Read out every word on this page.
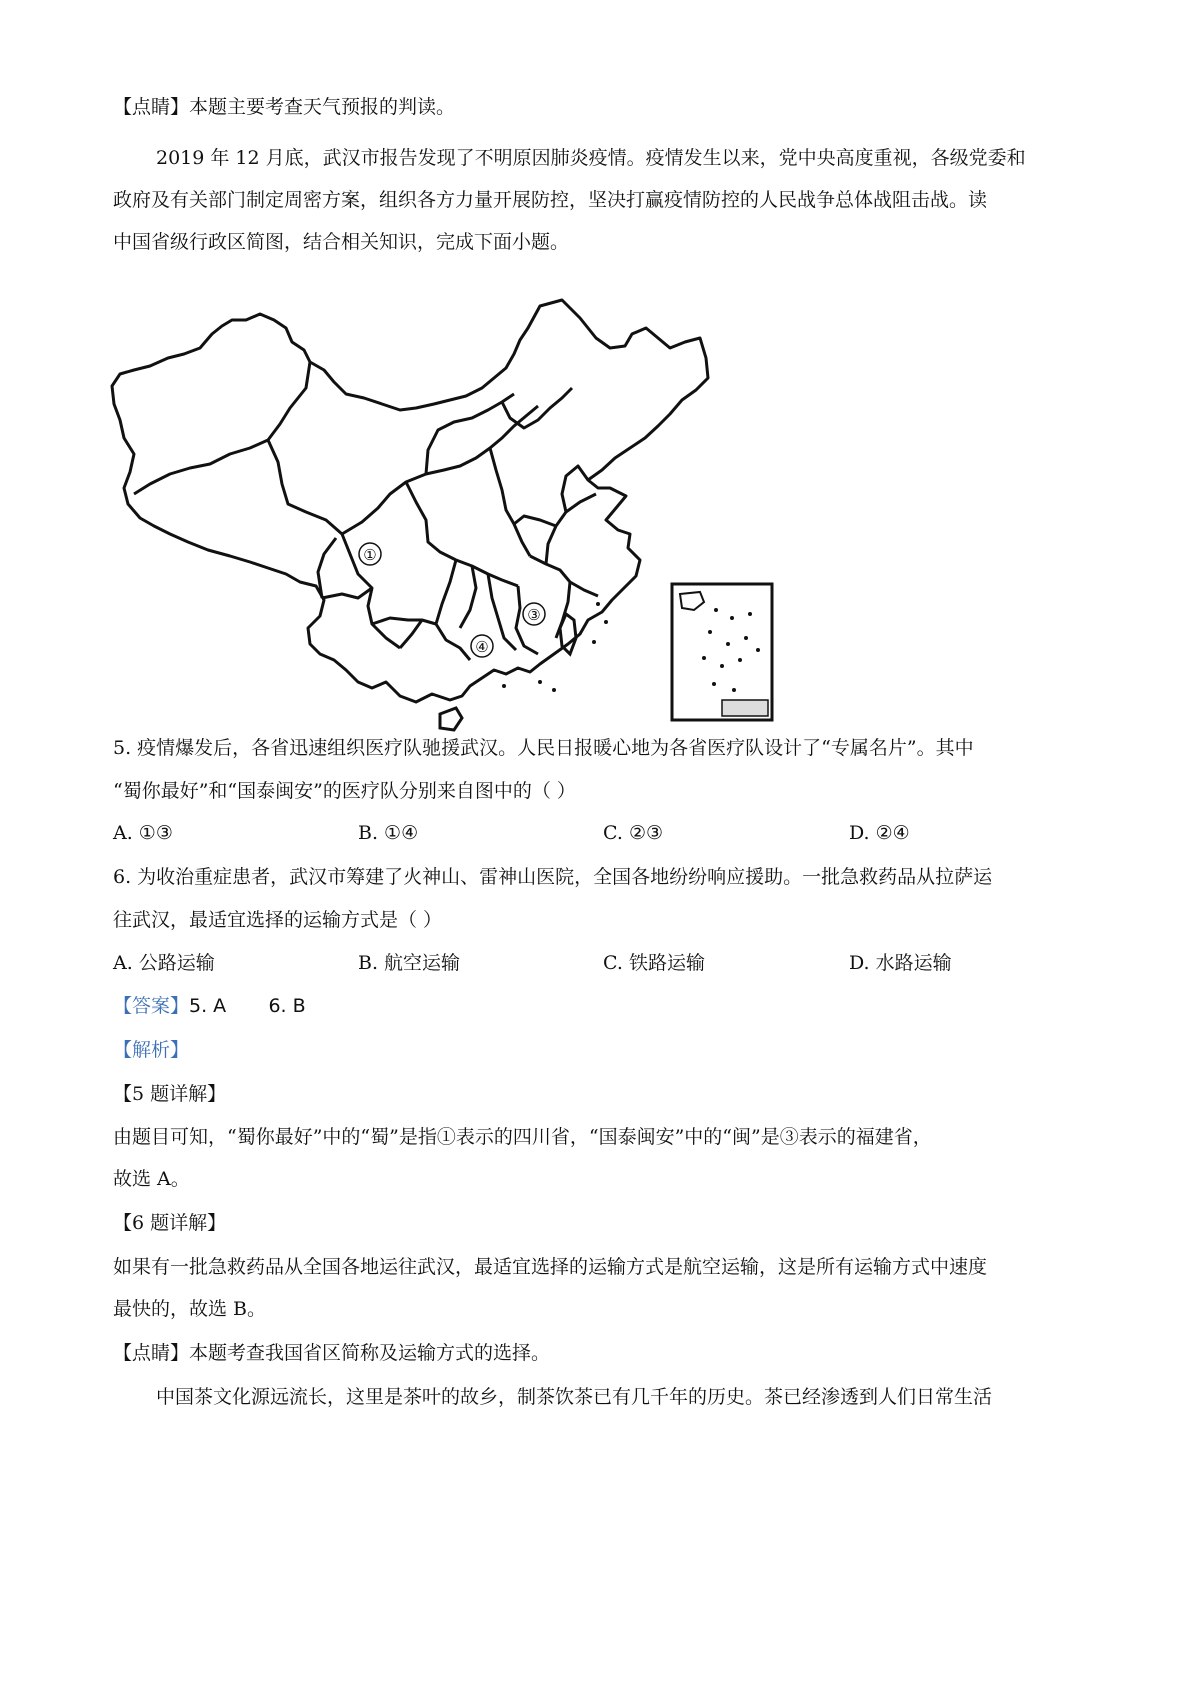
【点睛】本题主要考查天气预报的判读。
2019 年 12 月底，武汉市报告发现了不明原因肺炎疫情。疫情发生以来，党中央高度重视，各级党委和
政府及有关部门制定周密方案，组织各方力量开展防控，坚决打赢疫情防控的人民战争总体战阻击战。读
中国省级行政区简图，结合相关知识，完成下面小题。
①
③
④
5. 疫情爆发后，各省迅速组织医疗队驰援武汉。人民日报暖心地为各省医疗队设计了“专属名片”。其中
“蜀你最好”和“国泰闽安”的医疗队分别来自图中的（ ）
A. ①③	B. ①④	C. ②③	D. ②④
6. 为收治重症患者，武汉市筹建了火神山、雷神山医院，全国各地纷纷响应援助。一批急救药品从拉萨运
往武汉，最适宜选择的运输方式是（ ）
A. 公路运输	B. 航空运输	C. 铁路运输	D. 水路运输
【答案】5. A       6. B
【解析】
【5 题详解】
由题目可知，“蜀你最好”中的“蜀”是指①表示的四川省，“国泰闽安”中的“闽”是③表示的福建省，
故选 A。
【6 题详解】
如果有一批急救药品从全国各地运往武汉，最适宜选择的运输方式是航空运输，这是所有运输方式中速度
最快的，故选 B。
【点睛】本题考查我国省区简称及运输方式的选择。
中国茶文化源远流长，这里是茶叶的故乡，制茶饮茶已有几千年的历史。茶已经渗透到人们日常生活
